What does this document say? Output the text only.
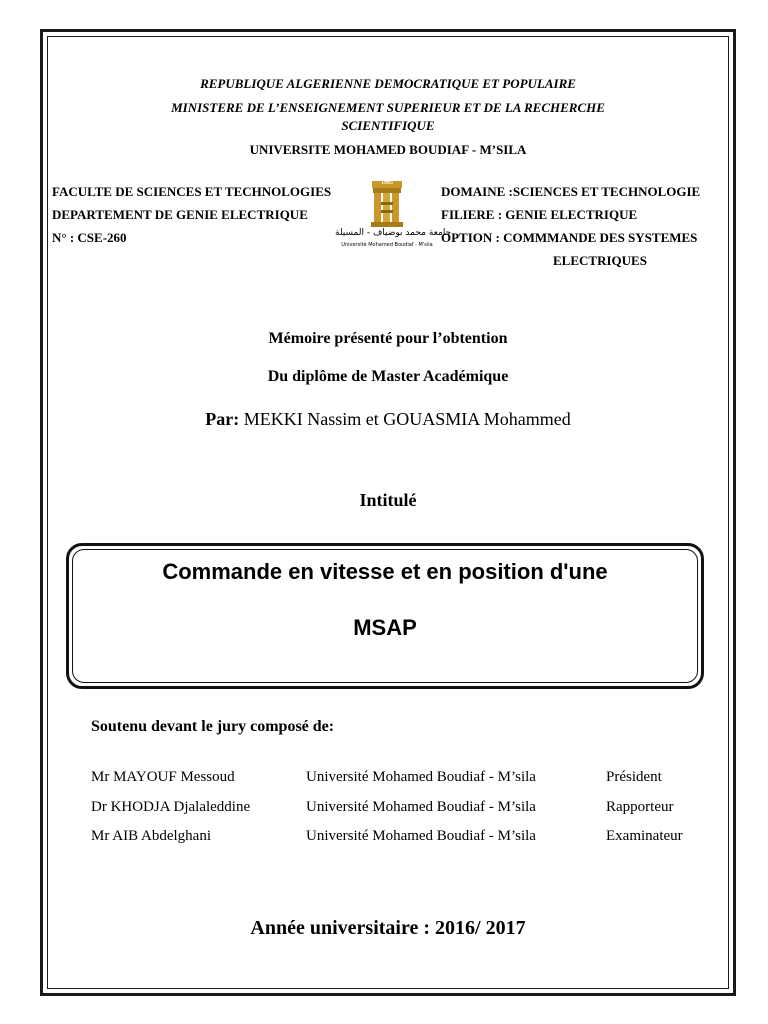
REPUBLIQUE ALGERIENNE DEMOCRATIQUE ET POPULAIRE
MINISTERE DE L’ENSEIGNEMENT SUPERIEUR ET DE LA RECHERCHE
SCIENTIFIQUE
UNIVERSITE MOHAMED BOUDIAF - M’SILA
FACULTE DE SCIENCES ET TECHNOLOGIES
DEPARTEMENT DE GENIE ELECTRIQUE
N° : CSE-260
1985
جامعة محمد بوضياف - المسيلة
Université Mohamed Boudiaf - M'sila
DOMAINE :SCIENCES ET TECHNOLOGIE
FILIERE : GENIE ELECTRIQUE
OPTION : COMMMANDE DES SYSTEMES
ELECTRIQUES
Mémoire présenté pour l’obtention
Du diplôme de Master Académique
Par: MEKKI Nassim et GOUASMIA Mohammed
Intitulé
Commande en vitesse et en position d'une
MSAP
Soutenu devant le jury composé de:
Mr MAYOUF Messoud	Université Mohamed Boudiaf - M’sila	Président
Dr KHODJA Djalaleddine	Université Mohamed Boudiaf - M’sila	Rapporteur
Mr AIB Abdelghani	Université Mohamed Boudiaf - M’sila	Examinateur
Année universitaire : 2016/ 2017
